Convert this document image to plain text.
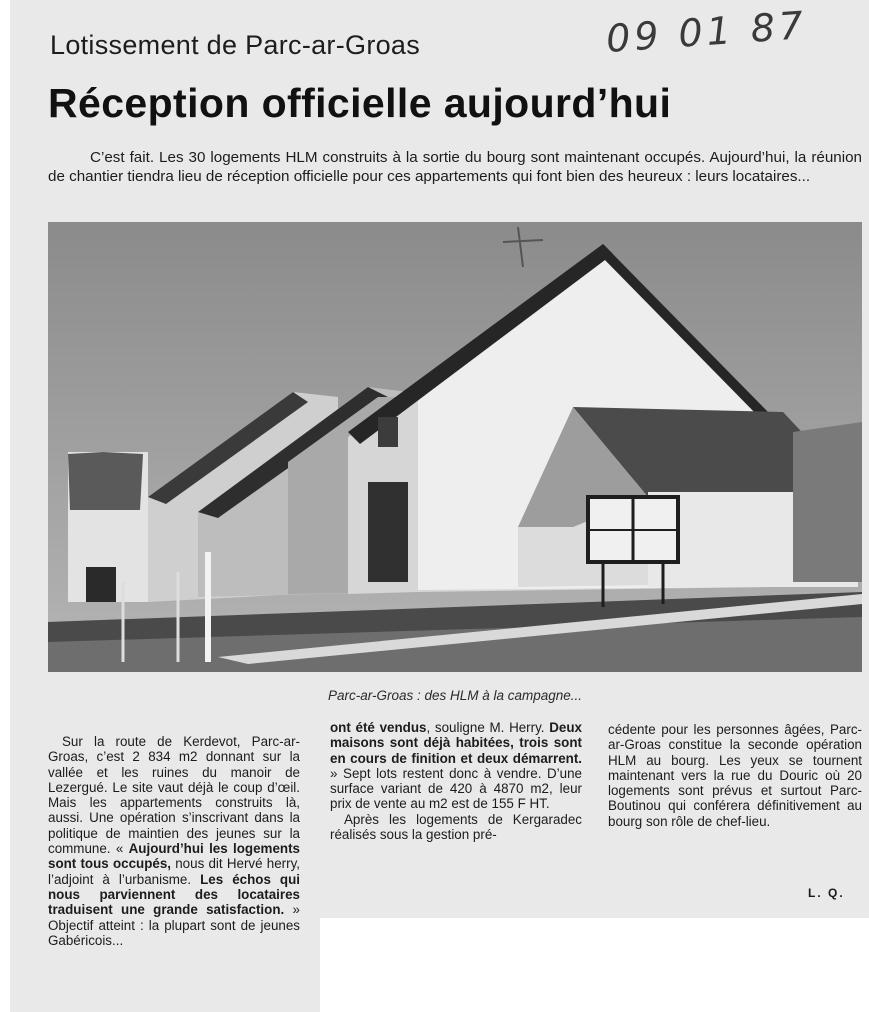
09 01 87
Lotissement de Parc-ar-Groas
Réception officielle aujourd’hui
C’est fait. Les 30 logements HLM construits à la sortie du bourg sont maintenant occupés. Aujourd’hui, la réunion de chantier tiendra lieu de réception officielle pour ces appartements qui font bien des heureux : leurs locataires...
Parc-ar-Groas : des HLM à la campagne...

Sur la route de Kerdevot, Parc-ar-Groas, c’est 2 834 m2 donnant sur la vallée et les ruines du manoir de Lezergué. Le site vaut déjà le coup d’œil. Mais les appartements construits là, aussi. Une opération s’inscrivant dans la politique de maintien des jeunes sur la commune. « Aujourd’hui les logements sont tous occupés, nous dit Hervé herry, l’adjoint à l’urbanisme. Les échos qui nous parviennent des locataires traduisent une grande satisfaction. » Objectif atteint : la plupart sont de jeunes Gabéricois...

ont été vendus, souligne M. Herry. Deux maisons sont déjà habitées, trois sont en cours de finition et deux démarrent. » Sept lots restent donc à vendre. D’une surface variant de 420 à 4870 m2, leur prix de vente au m2 est de 155 F HT.

Après les logements de Kergaradec réalisés sous la gestion pré-

cédente pour les personnes âgées, Parc-ar-Groas constitue la seconde opération HLM au bourg. Les yeux se tournent maintenant vers la rue du Douric où 20 logements sont prévus et surtout Parc-Boutinou qui conférera définitivement au bourg son rôle de chef-lieu.

L. Q.
